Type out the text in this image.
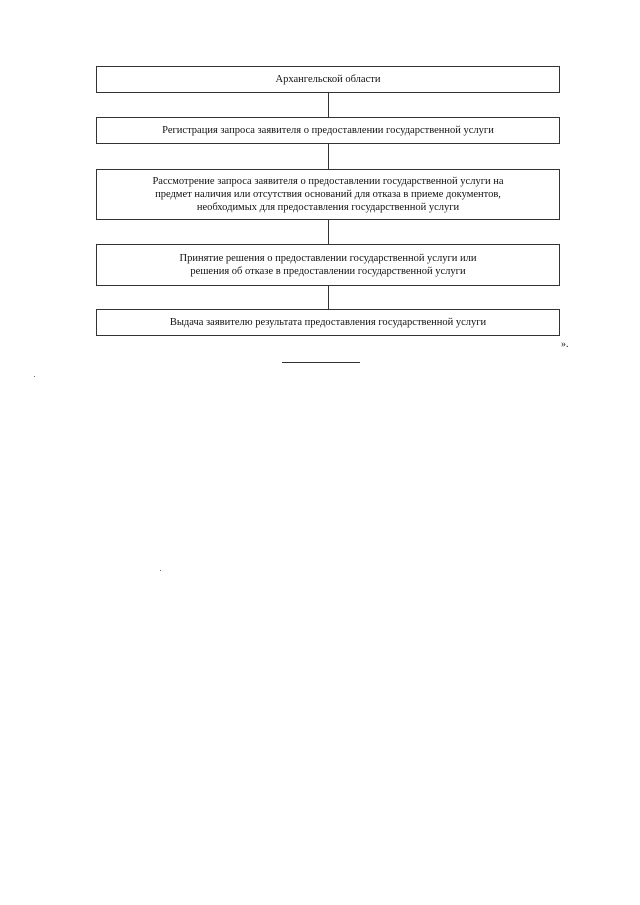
Архангельской области
Регистрация запроса заявителя о предоставлении государственной услуги
Рассмотрение запроса заявителя о предоставлении государственной услуги на
предмет наличия или отсутствия оснований для отказа в приеме документов,
необходимых для предоставления государственной услуги
Принятие решения о предоставлении государственной услуги или
решения об отказе в предоставлении государственной услуги
Выдача заявителю результата предоставления государственной услуги
».
